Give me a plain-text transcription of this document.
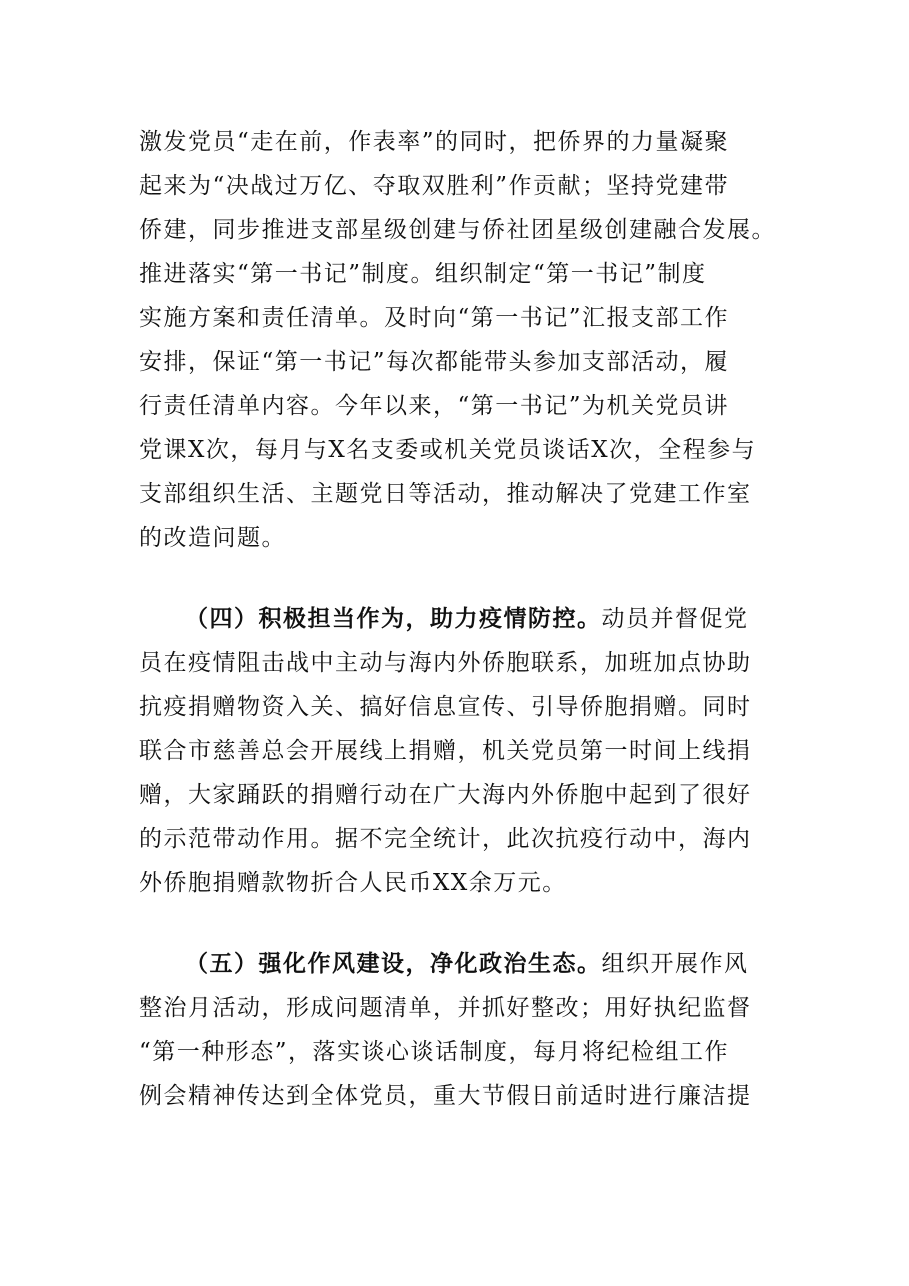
激发党员“走在前，作表率”的同时，把侨界的力量凝聚
起来为“决战过万亿、夺取双胜利”作贡献；坚持党建带
侨建，同步推进支部星级创建与侨社团星级创建融合发展。
推进落实“第一书记”制度。组织制定“第一书记”制度
实施方案和责任清单。及时向“第一书记”汇报支部工作
安排，保证“第一书记”每次都能带头参加支部活动，履
行责任清单内容。今年以来，“第一书记”为机关党员讲
党课X次，每月与X名支委或机关党员谈话X次，全程参与
支部组织生活、主题党日等活动，推动解决了党建工作室
的改造问题。
（四）积极担当作为，助力疫情防控。动员并督促党
员在疫情阻击战中主动与海内外侨胞联系，加班加点协助
抗疫捐赠物资入关、搞好信息宣传、引导侨胞捐赠。同时
联合市慈善总会开展线上捐赠，机关党员第一时间上线捐
赠，大家踊跃的捐赠行动在广大海内外侨胞中起到了很好
的示范带动作用。据不完全统计，此次抗疫行动中，海内
外侨胞捐赠款物折合人民币XX余万元。
（五）强化作风建设，净化政治生态。组织开展作风
整治月活动，形成问题清单，并抓好整改；用好执纪监督
“第一种形态”，落实谈心谈话制度，每月将纪检组工作
例会精神传达到全体党员，重大节假日前适时进行廉洁提
